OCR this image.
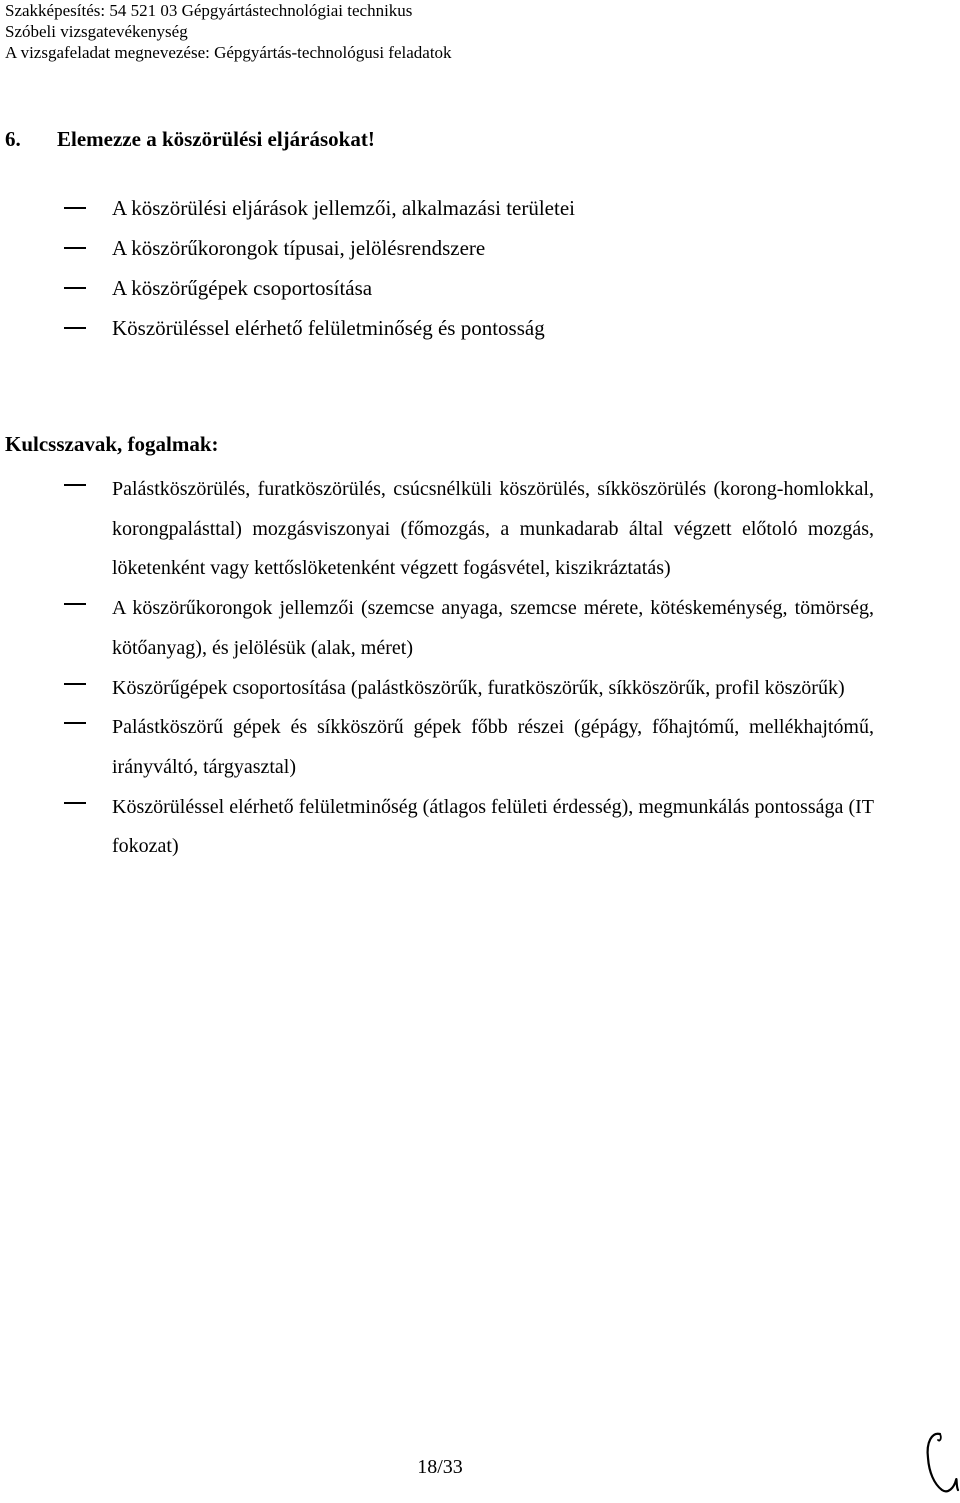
Szakképesítés: 54 521 03 Gépgyártástechnológiai technikus
Szóbeli vizsgatevékenység
A vizsgafeladat megnevezése: Gépgyártás-technológusi feladatok
6. Elemezze a köszörülési eljárásokat!
A köszörülési eljárások jellemzői, alkalmazási területei
A köszörűkorongok típusai, jelölésrendszere
A köszörűgépek csoportosítása
Köszörüléssel elérhető felületminőség és pontosság
Kulcsszavak, fogalmak:
Palástköszörülés, furatköszörülés, csúcsnélküli köszörülés, síkköszörülés (korong-homlokkal, korongpalásttal) mozgásviszonyai (főmozgás, a munkadarab által végzett előtoló mozgás, löketenként vagy kettőslöketenként végzett fogásvétel, kiszikráztatás)
A köszörűkorongok jellemzői (szemcse anyaga, szemcse mérete, kötéskeménység, tömörség, kötőanyag), és jelölésük (alak, méret)
Köszörűgépek csoportosítása (palástköszörűk, furatköszörűk, síkköszörűk, profil köszörűk)
Palástköszörű gépek és síkköszörű gépek főbb részei (gépágy, főhajtómű, mellékhajtómű, irányváltó, tárgyasztal)
Köszörüléssel elérhető felületminőség (átlagos felületi érdesség), megmunkálás pontossága (IT fokozat)
18/33
